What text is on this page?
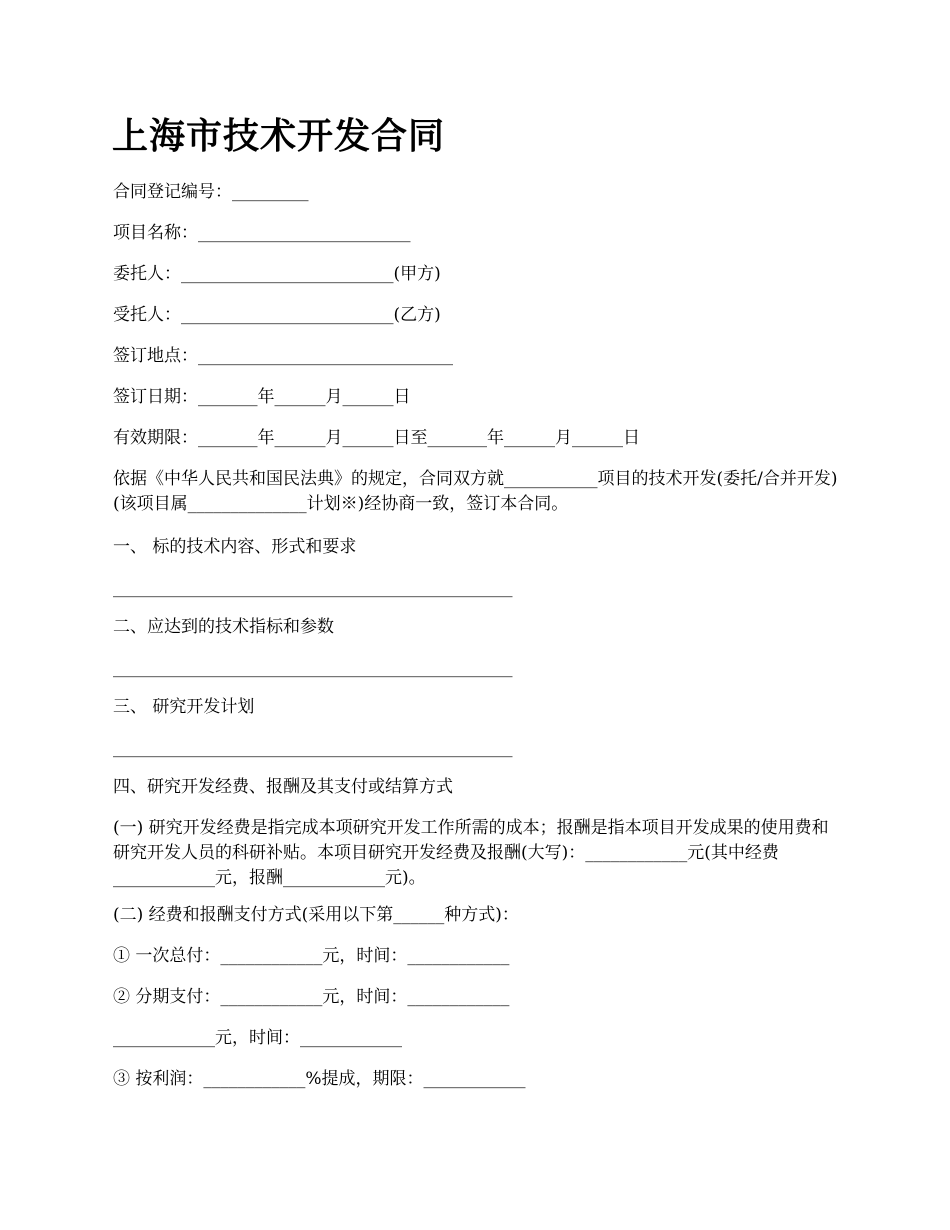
上海市技术开发合同

合同登记编号：_________

项目名称：_________________________

委托人：_________________________(甲方)

受托人：_________________________(乙方)

签订地点：______________________________

签订日期：_______年______月______日

有效期限：_______年______月______日至_______年______月______日

依据《中华人民共和国民法典》的规定，合同双方就___________项目的技术开发(委托/合并开发)(该项目属______________计划※)经协商一致，签订本合同。

一、 标的技术内容、形式和要求

_______________________________________________

二、应达到的技术指标和参数

_______________________________________________

三、 研究开发计划

_______________________________________________

四、研究开发经费、报酬及其支付或结算方式

(一) 研究开发经费是指完成本项研究开发工作所需的成本；报酬是指本项目开发成果的使用费和研究开发人员的科研补贴。本项目研究开发经费及报酬(大写)：____________元(其中经费____________元，报酬____________元)。

(二) 经费和报酬支付方式(采用以下第______种方式)：

① 一次总付：____________元，时间：____________

② 分期支付：____________元，时间：____________

____________元，时间：____________

③ 按利润：____________%提成，期限：____________
